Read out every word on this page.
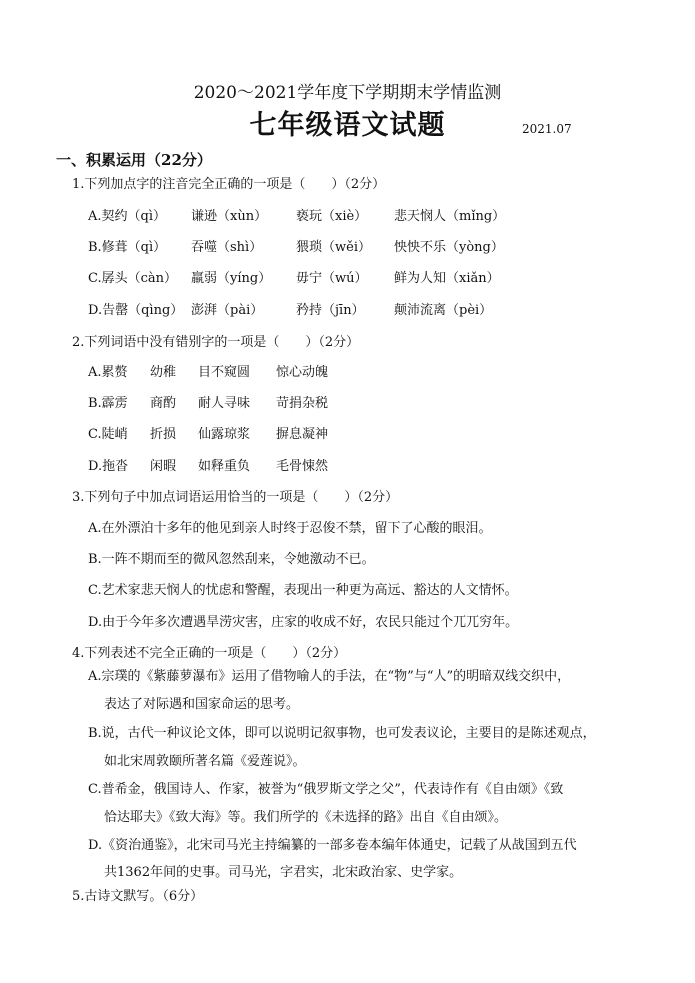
2020～2021学年度下学期期末学情监测
七年级语文试题	2021.07
一、积累运用（22分）
1.下列加点字的注音完全正确的一项是（　　）（2分）
A.契约（qì） 谦逊（xùn） 亵玩（xiè） 悲天悯人（mǐng）
B.修葺（qì） 吞噬（shì）	猥琐（wěi） 怏怏不乐（yòng）
C.孱头（càn） 羸弱（yíng） 毋宁（wú） 鲜为人知（xiǎn）
D.告罄（qìng） 澎湃（pài）	矜持（jīn） 颠沛流离（pèi）
2.下列词语中没有错别字的一项是（　　）（2分）
A.累赘 幼稚 目不窥圆 惊心动魄
B.霹雳 商酌 耐人寻味 苛捐杂税
C.陡峭 折损 仙露琼浆 摒息凝神
D.拖沓 闲暇 如释重负 毛骨悚然
3.下列句子中加点词语运用恰当的一项是（　　）（2分）
A.在外漂泊十多年的他见到亲人时终于忍俊不禁，留下了心酸的眼泪。
B.一阵不期而至的微风忽然刮来，令她激动不已。
C.艺术家悲天悯人的忧虑和警醒，表现出一种更为高远、豁达的人文情怀。
D.由于今年多次遭遇旱涝灾害，庄家的收成不好，农民只能过个兀兀穷年。
4.下列表述不完全正确的一项是（　　）（2分）
A.宗璞的《紫藤萝瀑布》运用了借物喻人的手法，在“物”与“人”的明暗双线交织中，
表达了对际遇和国家命运的思考。
B.说，古代一种议论文体，即可以说明记叙事物，也可发表议论，主要目的是陈述观点，
如北宋周敦颐所著名篇《爱莲说》。
C.普希金，俄国诗人、作家，被誉为“俄罗斯文学之父”，代表诗作有《自由颂》《致
恰达耶夫》《致大海》等。我们所学的《未选择的路》出自《自由颂》。
D.《资治通鉴》，北宋司马光主持编纂的一部多卷本编年体通史，记载了从战国到五代
共1362年间的史事。司马光，字君实，北宋政治家、史学家。
5.古诗文默写。（6分）
